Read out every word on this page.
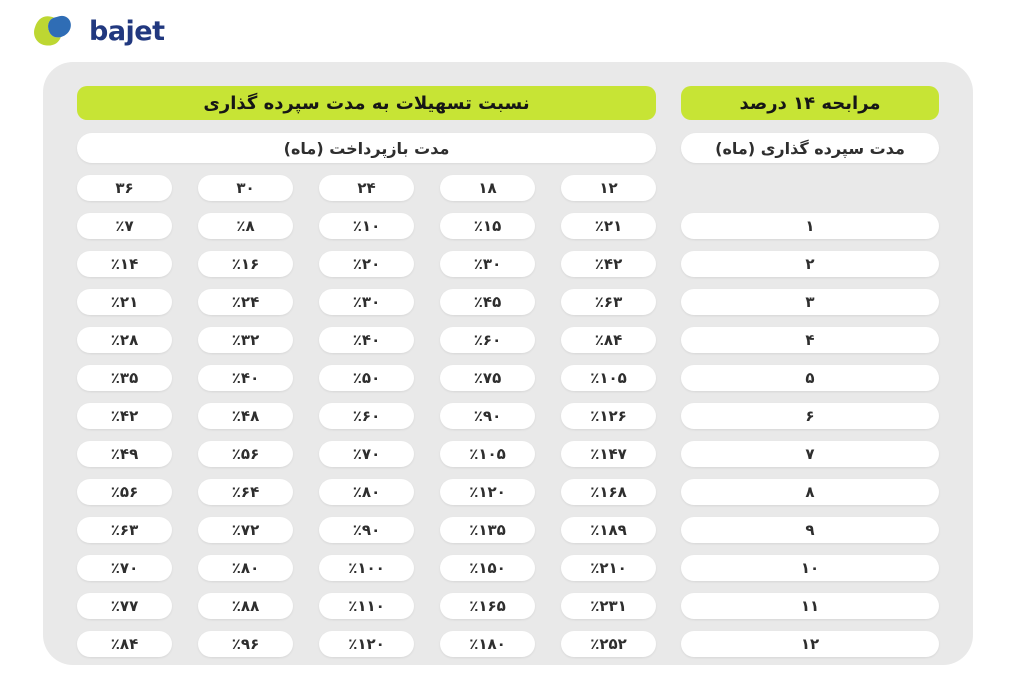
bajet
مرابحه ۱۴ درصد
مدت سپرده گذاری (ماه)
۱
۲
۳
۴
۵
۶
۷
۸
۹
۱۰
۱۱
۱۲
نسبت تسهیلات به مدت سپرده گذاری
مدت بازپرداخت (ماه)
۱۲
٪۲۱
٪۴۲
٪۶۳
٪۸۴
٪۱۰۵
٪۱۲۶
٪۱۴۷
٪۱۶۸
٪۱۸۹
٪۲۱۰
٪۲۳۱
٪۲۵۲
۱۸
٪۱۵
٪۳۰
٪۴۵
٪۶۰
٪۷۵
٪۹۰
٪۱۰۵
٪۱۲۰
٪۱۳۵
٪۱۵۰
٪۱۶۵
٪۱۸۰
۲۴
٪۱۰
٪۲۰
٪۳۰
٪۴۰
٪۵۰
٪۶۰
٪۷۰
٪۸۰
٪۹۰
٪۱۰۰
٪۱۱۰
٪۱۲۰
۳۰
٪۸
٪۱۶
٪۲۴
٪۳۲
٪۴۰
٪۴۸
٪۵۶
٪۶۴
٪۷۲
٪۸۰
٪۸۸
٪۹۶
۳۶
٪۷
٪۱۴
٪۲۱
٪۲۸
٪۳۵
٪۴۲
٪۴۹
٪۵۶
٪۶۳
٪۷۰
٪۷۷
٪۸۴
